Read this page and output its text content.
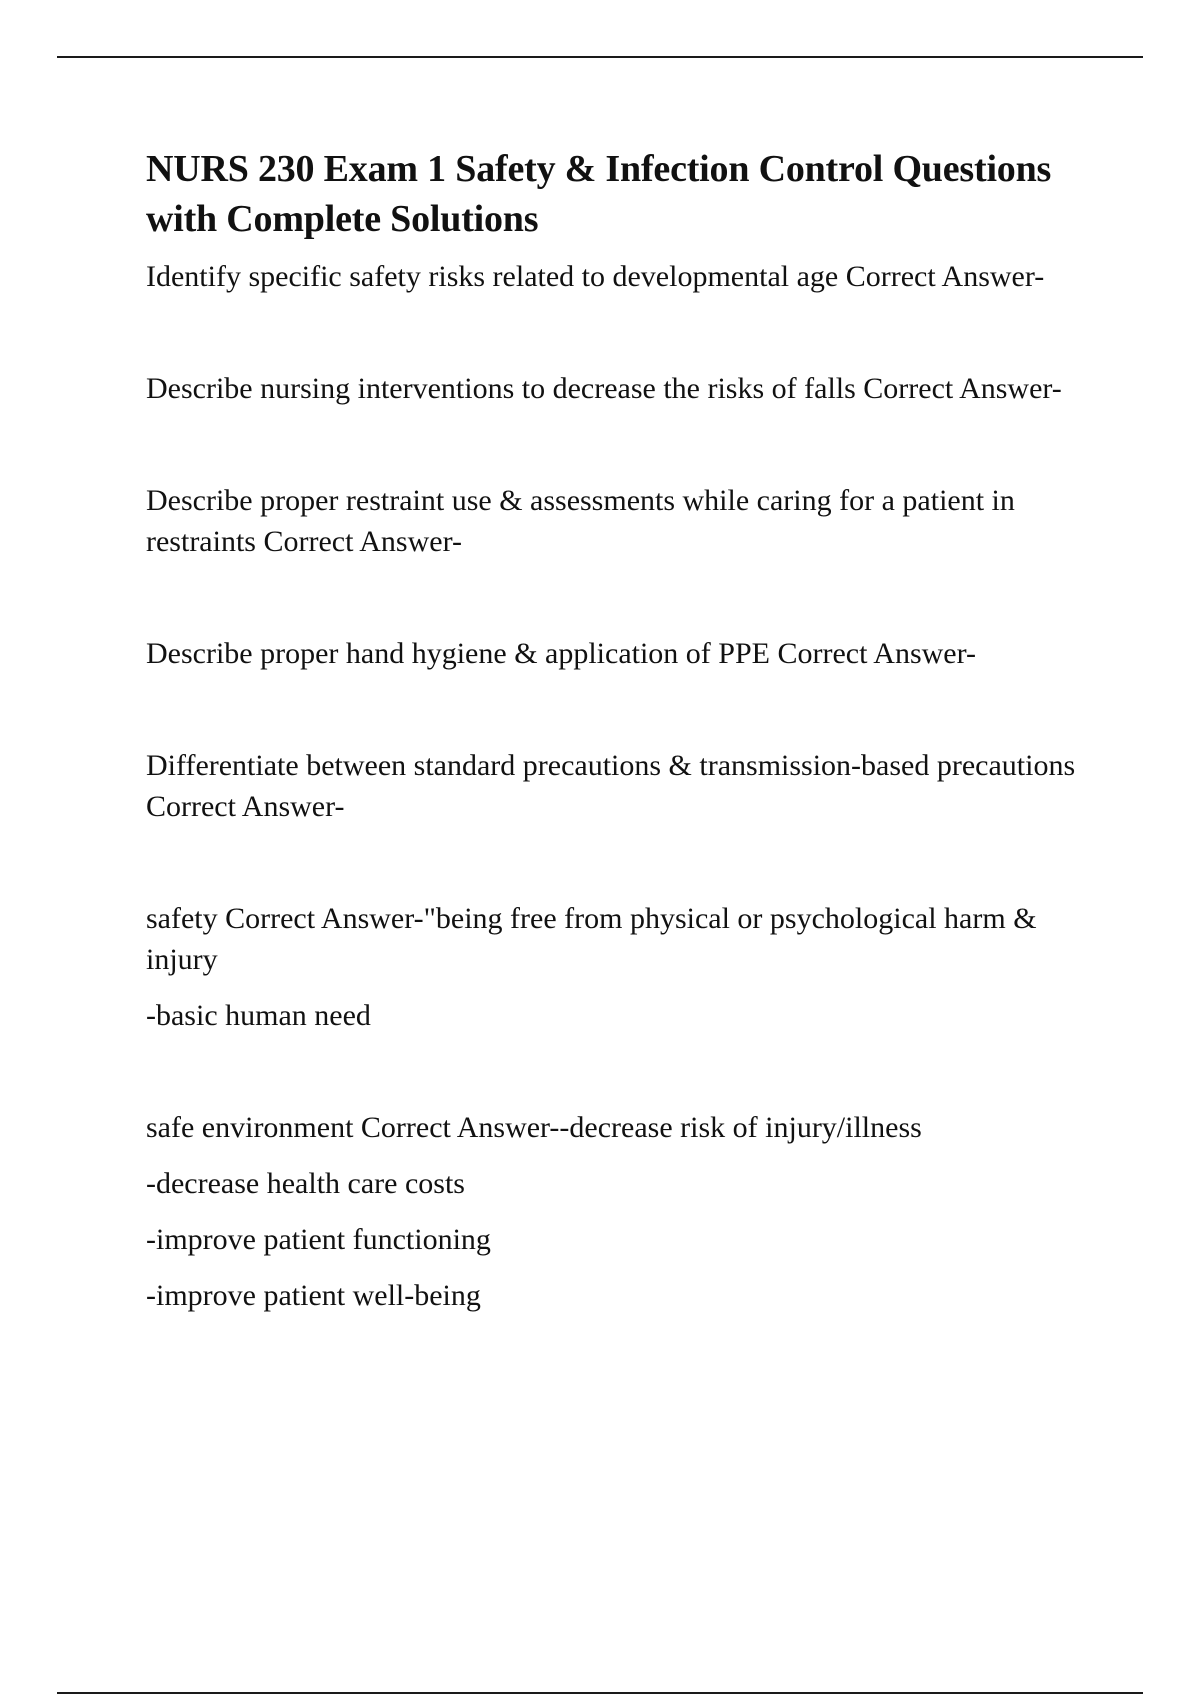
NURS 230 Exam 1 Safety & Infection Control Questions with Complete Solutions

Identify specific safety risks related to developmental age Correct Answer-

Describe nursing interventions to decrease the risks of falls Correct Answer-

Describe proper restraint use & assessments while caring for a patient in restraints Correct Answer-

Describe proper hand hygiene & application of PPE Correct Answer-

Differentiate between standard precautions & transmission-based precautions Correct Answer-

safety Correct Answer-"being free from physical or psychological harm & injury

-basic human need

safe environment Correct Answer--decrease risk of injury/illness

-decrease health care costs

-improve patient functioning

-improve patient well-being
